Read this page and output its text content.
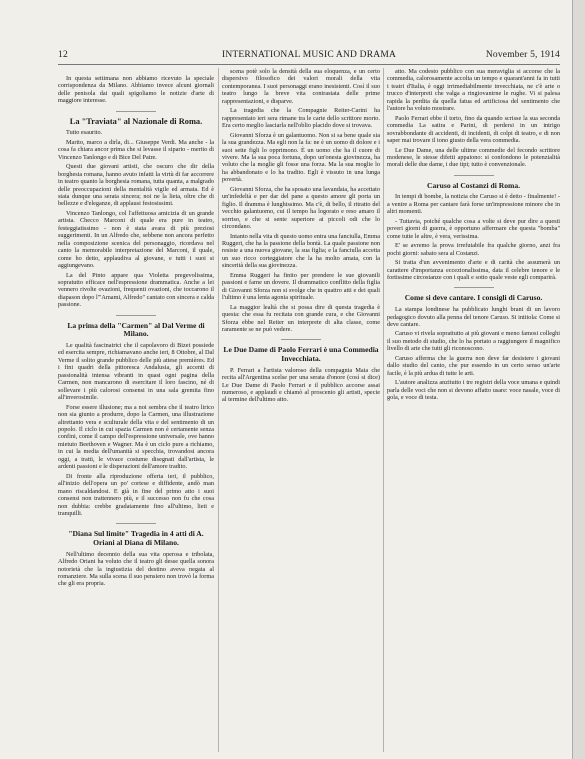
12	INTERNATIONAL MUSIC AND DRAMA	November 5, 1914

In questa settimana non abbiamo ricevuto la speciale corrispondenza da Milano. Abbiamo invece alcuni giornali delle penisola dai quali spigoliamo le notizie d'arte di maggiore interesse.

La "Traviata" al Nazionale di Roma.

Tutto esaurito.

Marito, marco a dirla, di... Giuseppe Verdi. Ma anche - la cosa fa chiara ancor prima che si levasse il sipario - merito di Vincenzo Tanlongo e di Bice Del Patre.

Questi due giovani artisti, che oscuro che dir della borghesia romana, hanno avuto infatti la virtù di far accorrere in teatro quanto la borghesia romana, tutta quanta, a malgrado delle preoccupazioni della mentalità vigile ed armata. Ed è stata dunque una serata sincera; noi ne la lieta, oltre che di bellezze e d'eleganze, di applausi festosissimi.

Vincenzo Tanlongo, col l'affettuosa amicizia di un grande artista. Checco Marconi di quale era pure in teatro, festeggiatissimo - non è stata avara di più preziosi suggerimenti. In un Alfredo che, sebbene non ancora perfetto nella composizione scenica del personaggio, ricordava nel canto la memorabile interpretazione del Marconi, il quale, come ho detto, applaudiva al giovane, e tutti i suoi si aggiungevano.

La del Pinto appare qua Violetta pregevolissima, sopratutto efficace nell'espressione drammatica. Anche a lei vennero rivolte ovazioni, frequenti ovazioni, che toccarono il diapason dopo l'"Amami, Alfredo" cantato con sincera e calda passione.

La prima della "Carmen" al Dal Verme di Milano.

Le qualità fascinatrici che il capolavoro di Bizet possiede ed esercita sempre, richiamavano anche ieri, 8 Ottobre, al Dal Verme il solito grande pubblico delle più attese premières. Ed i fini quadri della pittoresca Andalusia, gli accenti di passionalità intensa vibranti in quasi ogni pagina della Carmen, non mancarono di esercitare il loro fascino, né di sollevare i più calorosi consensi in una sala gremita fino all'inverosimile.

Forse essere illusione; ma a noi sembra che il teatro lirico non sia giunto a produrre, dopo la Carmen, una illustrazione altrettanto vera e sculturale della vita e del sentimento di un popolo. Il ciclo in cui spazia Carmen non è certamente senza confini, come il campo dell'espressione universale, ove hanno mietuto Beethoven e Wagner. Ma è un ciclo pure a richiamo, in cui la media dell'umanità si specchia, trovandosi ancora oggi, a tratti, le vivace costume disegnati dall'artista, le ardenti passioni e le disperazioni dell'amore tradito.

Di fronte alla riproduzione offerta ieri, il pubblico, all'inizio dell'opera un po' cortese e diffidente, andò man mano riscaldandosi. E già in fine del primo atto i suoi consensi non trattennero più, e il successo non fu che cosa non dubbia: crebbe gradatamente fino all'ultimo, lieti e tranquilli.

"Diana Sul limite" Tragedia in 4 atti di A. Oriani al Diana di Milano.

Nell'ultimo decennio della sua vita operosa e tribolata, Alfredo Oriani ha voluto che il teatro gli desse quella sonora notorietà che la ingiustizia del destino aveva negata al romanziere. Ma sulla scena il suo pensiero non trovò la forma che gli era propria.

scena potè solo la densità della sua eloquenza, e un certo dispersivo filosofico dei valori morali della vita contemporanea. I suoi personaggi erano inesistenti. Così il suo teatro lungo la breve vita contrastata delle prime rappresentazioni, e disparve.

La tragedia che la Compagnie Reiter-Carini ha rappresentato ieri sera rimane tra le carte dello scrittore morto. Era certo meglio lasciarla nell'oblio placido dove si trovava.

Giovanni Sforza è un galantuomo. Non si sa bene quale sia la sua grandezza. Ma egli non la fa: ne è un uomo di dolore e i suoi sette figli lo opprimono. È un uomo che ha il cuore di vivere. Ma la sua poca fortuna, dopo un'onesta giovinezza, ha voluto che la moglie gli fosse una forza. Ma la sua moglie lo ha abbandonato e lo ha tradito. Egli è vissuto in una lunga povertà.

Giovanni Sforza, che ha sposato una lavandaia, ha accettato un'infedeltà e per dar del pane a questo amore gli porta un figlio. Il dramma è lunghissimo. Ma c'è, di bello, il ritratto del vecchio galantuomo, cui il tempo ha logorato e reso amaro il sorriso, e che si sente superiore ai piccoli odi che lo circondano.

Intanto nella vita di questo uomo entra una fanciulla, Emma Ruggeri, che ha la passione della bontà. La quale passione non resiste a una nuova giovane, la sua figlia; e la fanciulla accetta un suo ricco corteggiatore che la ha molto amata, con la sincerità della sua giovinezza.

Emma Ruggeri ha finito per prendere le sue giovanili passioni e farne un dovere. Il drammatico conflitto della figlia di Giovanni Sforza non si svolge che in quattro atti e dei quali l'ultimo è una lenta agonia spirituale.

La maggior lealtà che si possa dire di questa tragedia è questa: che essa fu recitata con grande cura, e che Giovanni Sforza ebbe nel Reiter un interprete di alta classe, come raramente se ne può vedere.

Le Due Dame di Paolo Ferrari è una Commedia Invecchiata.

P. Ferrari a l'artista valoroso della compagnia Maia che recita all'Argentina scelse per una serata d'onore (così si dice) Le Due Dame di Paolo Ferrari e il pubblico accorse assai numeroso, e applaudì e chiamò al proscenio gli artisti, specie al termine dell'ultimo atto.

atto. Ma codesto pubblico con sua meraviglia si accorse che la commedia, calorosamente accolta un tempo e quarant'anni fa in tutti i teatri d'Italia, è oggi irrimediabilmente invecchiata, ne c'è arte o trucco d'interpreti che valga a ringiovanirne le rughe. Vi si palesa rapida la perdita da quella fatua ed artificiosa del sentimento che l'autore ha voluto mostrare.

Paolo Ferrari ebbe il torto, fino da quando scrisse la sua seconda commedia La satira e Parini, di perdersi in un intrigo sovrabbondante di accidenti, di incidenti, di colpi di teatro, e di non saper mai trovare il tono giusto della vera commedia.

Le Due Dame, una delle ultime commedie del fecondo scrittore modenese, le stesse difetti appaiono: si confondono le potenzialità morali delle due dame, i due tipi; tutto è convenzionale.

Caruso al Costanzi di Roma.

In tempi di bombe, la notizia che Caruso si è detto - finalmente! - a venire a Roma per cantare farà forse un'impressione minore che in altri momenti.

- Tuttavia, poiché qualche cosa a volte si deve pur dire a questi poveri giorni di guerra, è opportuno affermare che questa "bomba" come tutte le altre, è vera, verissima.

E' se avremo la prova irrefutabile fra qualche giorno, anzi fra pochi giorni: sabato sera al Costanzi.

Si tratta d'un avvenimento d'arte e di carità che assumerà un carattere d'importanza eccezionalissima, data il celebre tenore e le fortissime circostanze con i quali e sotto quale veste egli comparirà.

Come si deve cantare. I consigli di Caruso.

La stampa londinese ha pubblicato lunghi brani di un lavoro pedagogico dovuto alla penna del tenore Caruso. Si intitola: Come si deve cantare.

Caruso vi rivela soprattutto ai più giovani e meno famosi colleghi il suo metodo di studio, che lo ha portato a raggiungere il magnifico livello di arte che tutti gli riconoscono.

Caruso afferma che la guerra non deve far desistere i giovani dallo studio del canto, che pur essendo in un certo senso un'arte facile, è la più ardua di tutte le arti.

L'autore analizza anzitutto i tre registri della voce umana e quindi parla delle voci che non si devono affatto usare: voce nasale, voce di gola, e voce di testa.
